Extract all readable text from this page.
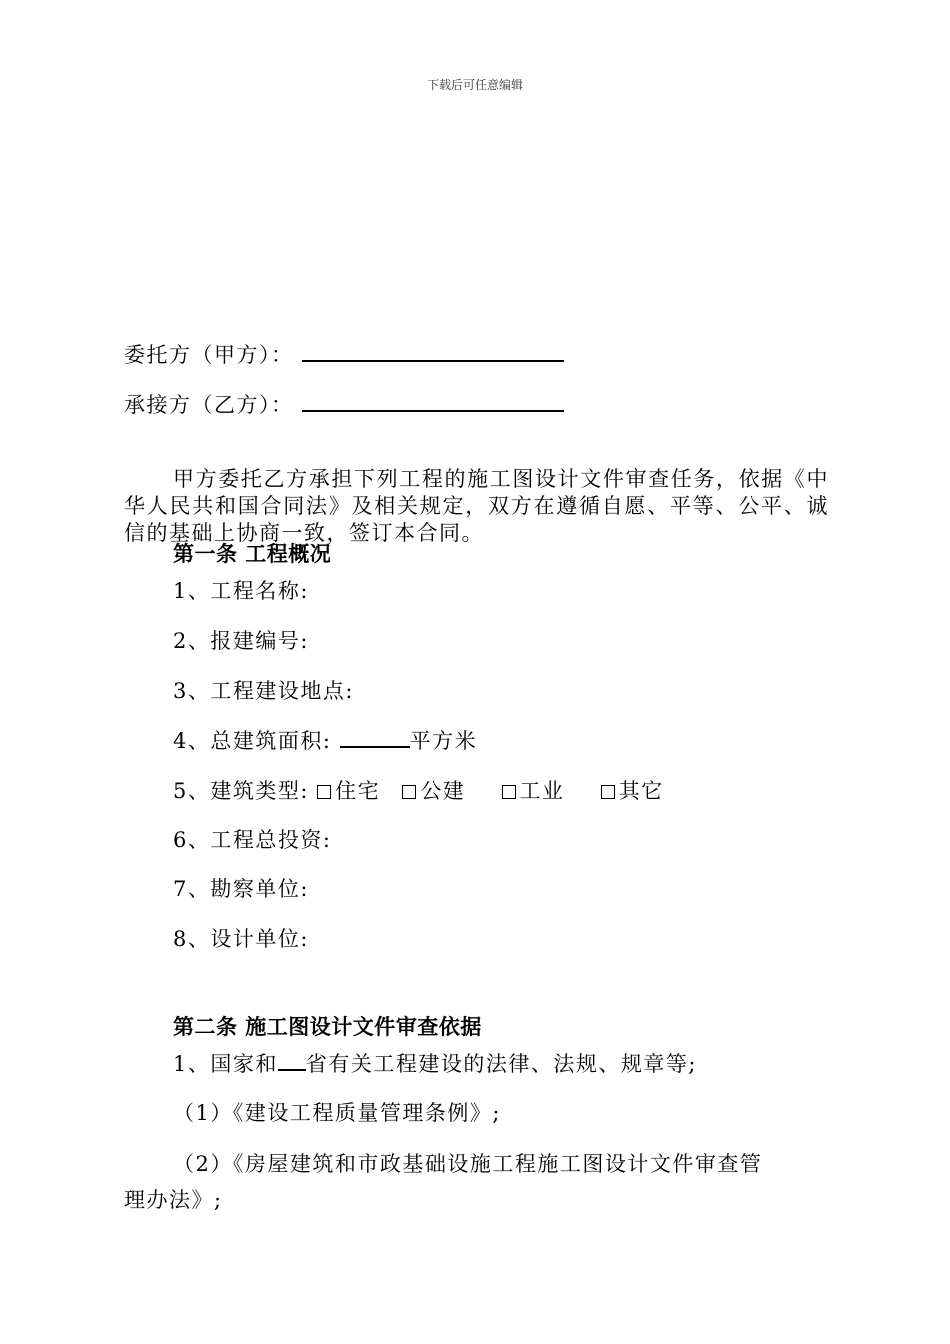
下载后可任意编辑
委托方（甲方）：
承接方（乙方）：
甲方委托乙方承担下列工程的施工图设计文件审查任务，依据《中华人民共和国合同法》及相关规定，双方在遵循自愿、平等、公平、诚信的基础上协商一致，签订本合同。
第一条 工程概况
1、工程名称:
2、报建编号:
3、工程建设地点:
4、总建筑面积:	平方米
5、建筑类型: 住宅 公建	工业	其它
6、工程总投资:
7、勘察单位:
8、设计单位:
第二条 施工图设计文件审查依据
1、国家和 省有关工程建设的法律、法规、规章等;
（1）《建设工程质量管理条例》;
（2）《房屋建筑和市政基础设施工程施工图设计文件审查管
理办法》;
